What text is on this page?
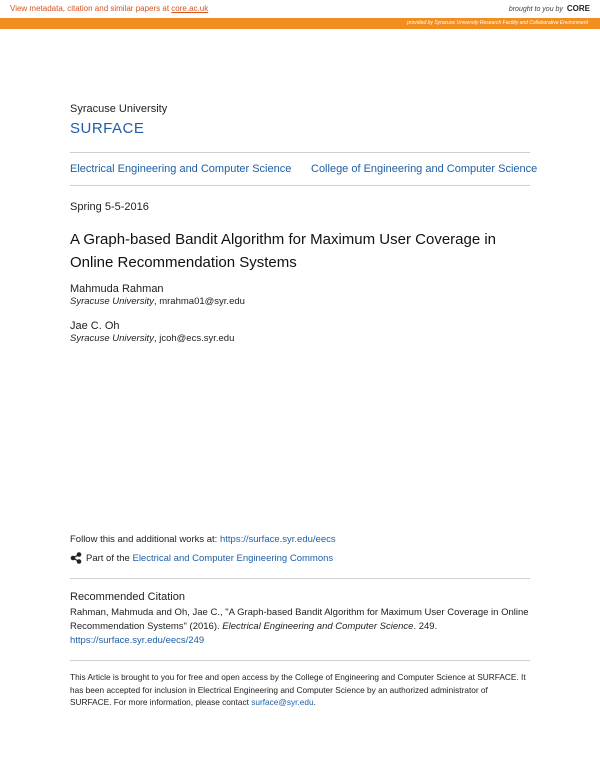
View metadata, citation and similar papers at core.ac.uk	brought to you by CORE
provided by Syracuse University Research Facility and Collaborative Environment
Syracuse University
SURFACE
Electrical Engineering and Computer Science College of Engineering and Computer Science
Spring 5-5-2016
A Graph-based Bandit Algorithm for Maximum User Coverage in Online Recommendation Systems
Mahmuda Rahman
Syracuse University, mrahma01@syr.edu
Jae C. Oh
Syracuse University, jcoh@ecs.syr.edu
Follow this and additional works at: https://surface.syr.edu/eecs
Part of the
Electrical and Computer Engineering Commons
Recommended Citation
Rahman, Mahmuda and Oh, Jae C., "A Graph-based Bandit Algorithm for Maximum User Coverage in Online Recommendation Systems" (2016). Electrical Engineering and Computer Science. 249.
https://surface.syr.edu/eecs/249
This Article is brought to you for free and open access by the College of Engineering and Computer Science at SURFACE. It has been accepted for inclusion in Electrical Engineering and Computer Science by an authorized administrator of SURFACE. For more information, please contact surface@syr.edu.
